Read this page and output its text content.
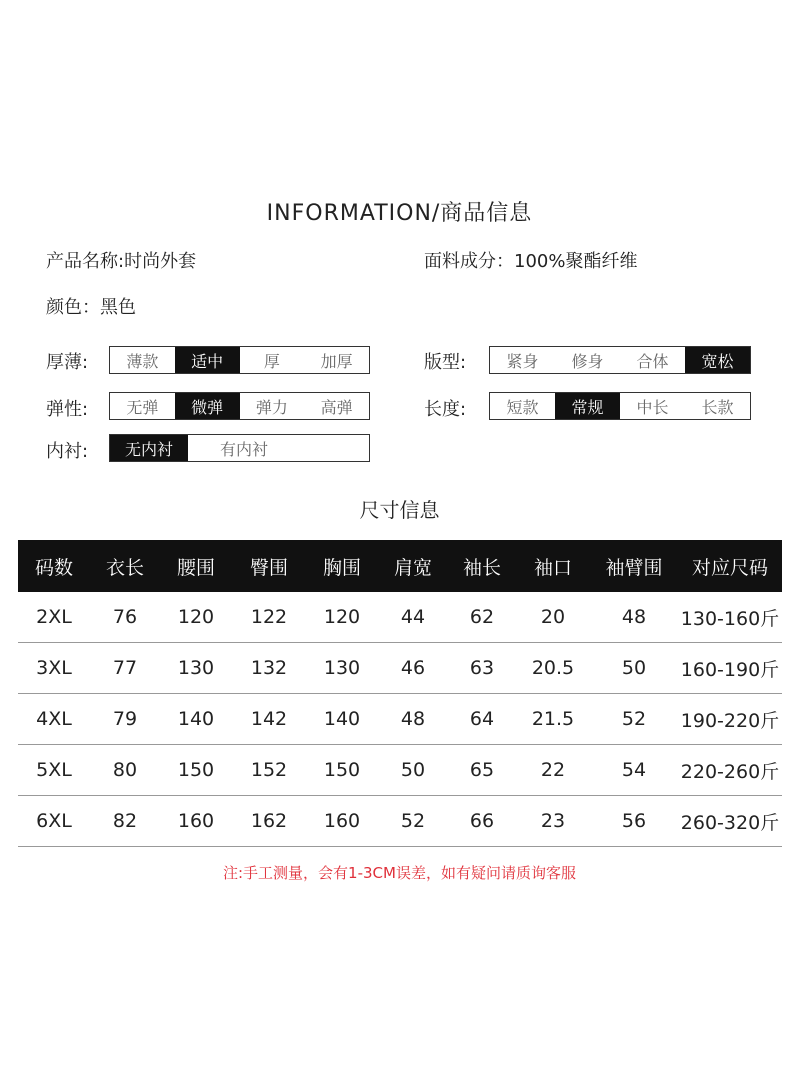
INFORMATION/商品信息
产品名称:时尚外套	面料成分：100%聚酯纤维
颜色：黑色
厚薄:	薄款	适中	厚	加厚	版型:	紧身	修身	合体	宽松
弹性:	无弹	微弹	弹力	高弹	长度:	短款	常规	中长	长款
内衬:	无内衬	有内衬
尺寸信息
码数	衣长	腰围	臀围	胸围	肩宽	袖长	袖口	袖臂围	对应尺码
2XL	76	120	122	120	44	62	20	48	130-160斤
3XL	77	130	132	130	46	63	20.5	50	160-190斤
4XL	79	140	142	140	48	64	21.5	52	190-220斤
5XL	80	150	152	150	50	65	22	54	220-260斤
6XL	82	160	162	160	52	66	23	56	260-320斤
注:手工测量，会有1-3CM误差，如有疑问请质询客服
